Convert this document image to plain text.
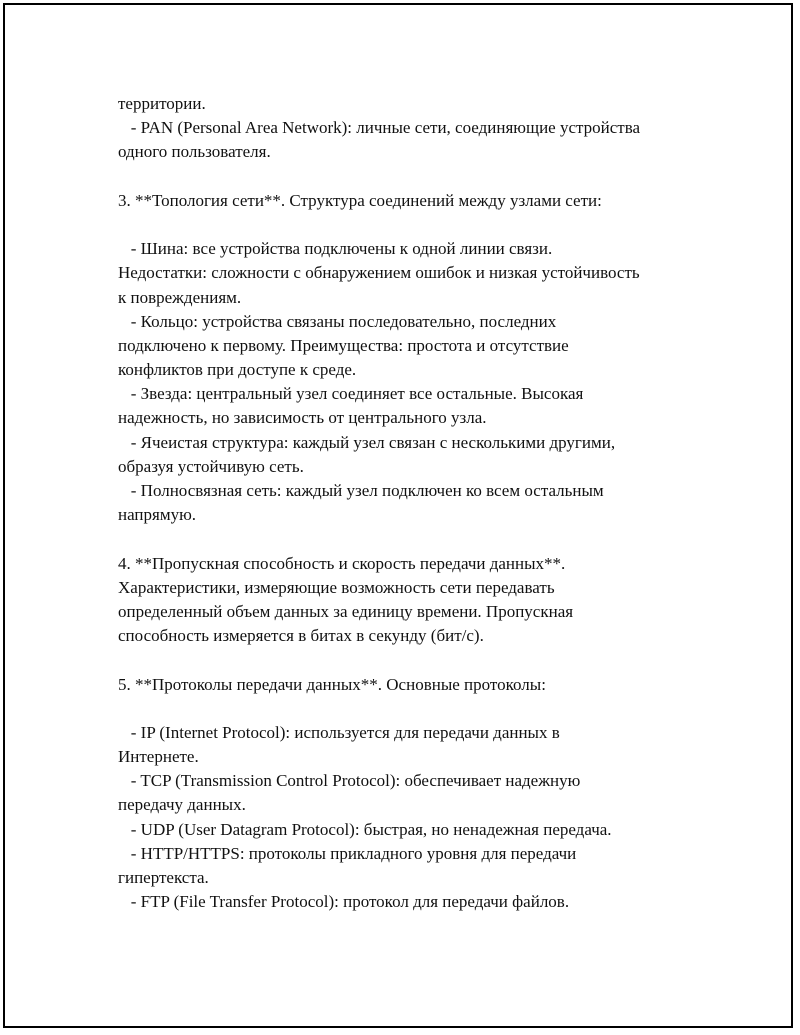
территории.
- PAN (Personal Area Network): личные сети, соединяющие устройства
одного пользователя.
3. **Топология сети**. Структура соединений между узлами сети:
- Шина: все устройства подключены к одной линии связи.
Недостатки: сложности с обнаружением ошибок и низкая устойчивость
к повреждениям.
- Кольцо: устройства связаны последовательно, последних
подключено к первому. Преимущества: простота и отсутствие
конфликтов при доступе к среде.
- Звезда: центральный узел соединяет все остальные. Высокая
надежность, но зависимость от центрального узла.
- Ячеистая структура: каждый узел связан с несколькими другими,
образуя устойчивую сеть.
- Полносвязная сеть: каждый узел подключен ко всем остальным
напрямую.
4. **Пропускная способность и скорость передачи данных**.
Характеристики, измеряющие возможность сети передавать
определенный объем данных за единицу времени. Пропускная
способность измеряется в битах в секунду (бит/с).
5. **Протоколы передачи данных**. Основные протоколы:
- IP (Internet Protocol): используется для передачи данных в
Интернете.
- TCP (Transmission Control Protocol): обеспечивает надежную
передачу данных.
- UDP (User Datagram Protocol): быстрая, но ненадежная передача.
- HTTP/HTTPS: протоколы прикладного уровня для передачи
гипертекста.
- FTP (File Transfer Protocol): протокол для передачи файлов.
